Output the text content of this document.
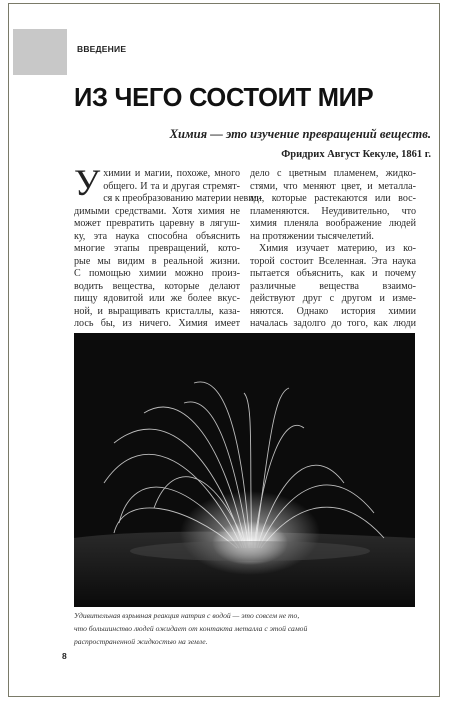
ВВЕДЕНИЕ
ИЗ ЧЕГО СОСТОИТ МИР
Химия — это изучение превращений веществ.
Фридрих Август Кекуле, 1861 г.
У химии и магии, похоже, много
общего. И та и другая стремят-
ся к преобразованию материи невид-
димыми средствами. Хотя химия не
может превратить царевну в лягуш-
ку, эта наука способна объяснить
многие этапы превращений, кото-
рые мы видим в реальной жизни.
С помощью химии можно произ-
водить вещества, которые делают
пищу ядовитой или же более вкус-
ной, и выращивать кристаллы, каза-
лось бы, из ничего. Химия имеет
дело с цветным пламенем, жидко-
стями, что меняют цвет, и металла-
ми, которые растекаются или вос-
пламеняются. Неудивительно, что
химия пленяла воображение людей
на протяжении тысячелетий.
Химия изучает материю, из ко-
торой состоит Вселенная. Эта наука
пытается объяснить, как и почему
различные вещества взаимо-
действуют друг с другом и изме-
няются. Однако история химии
началась задолго до того, как люди
Удивительная взрывная реакция натрия с водой — это совсем не то,
что большинство людей ожидает от контакта металла с этой самой
распространенной жидкостью на земле.
8
